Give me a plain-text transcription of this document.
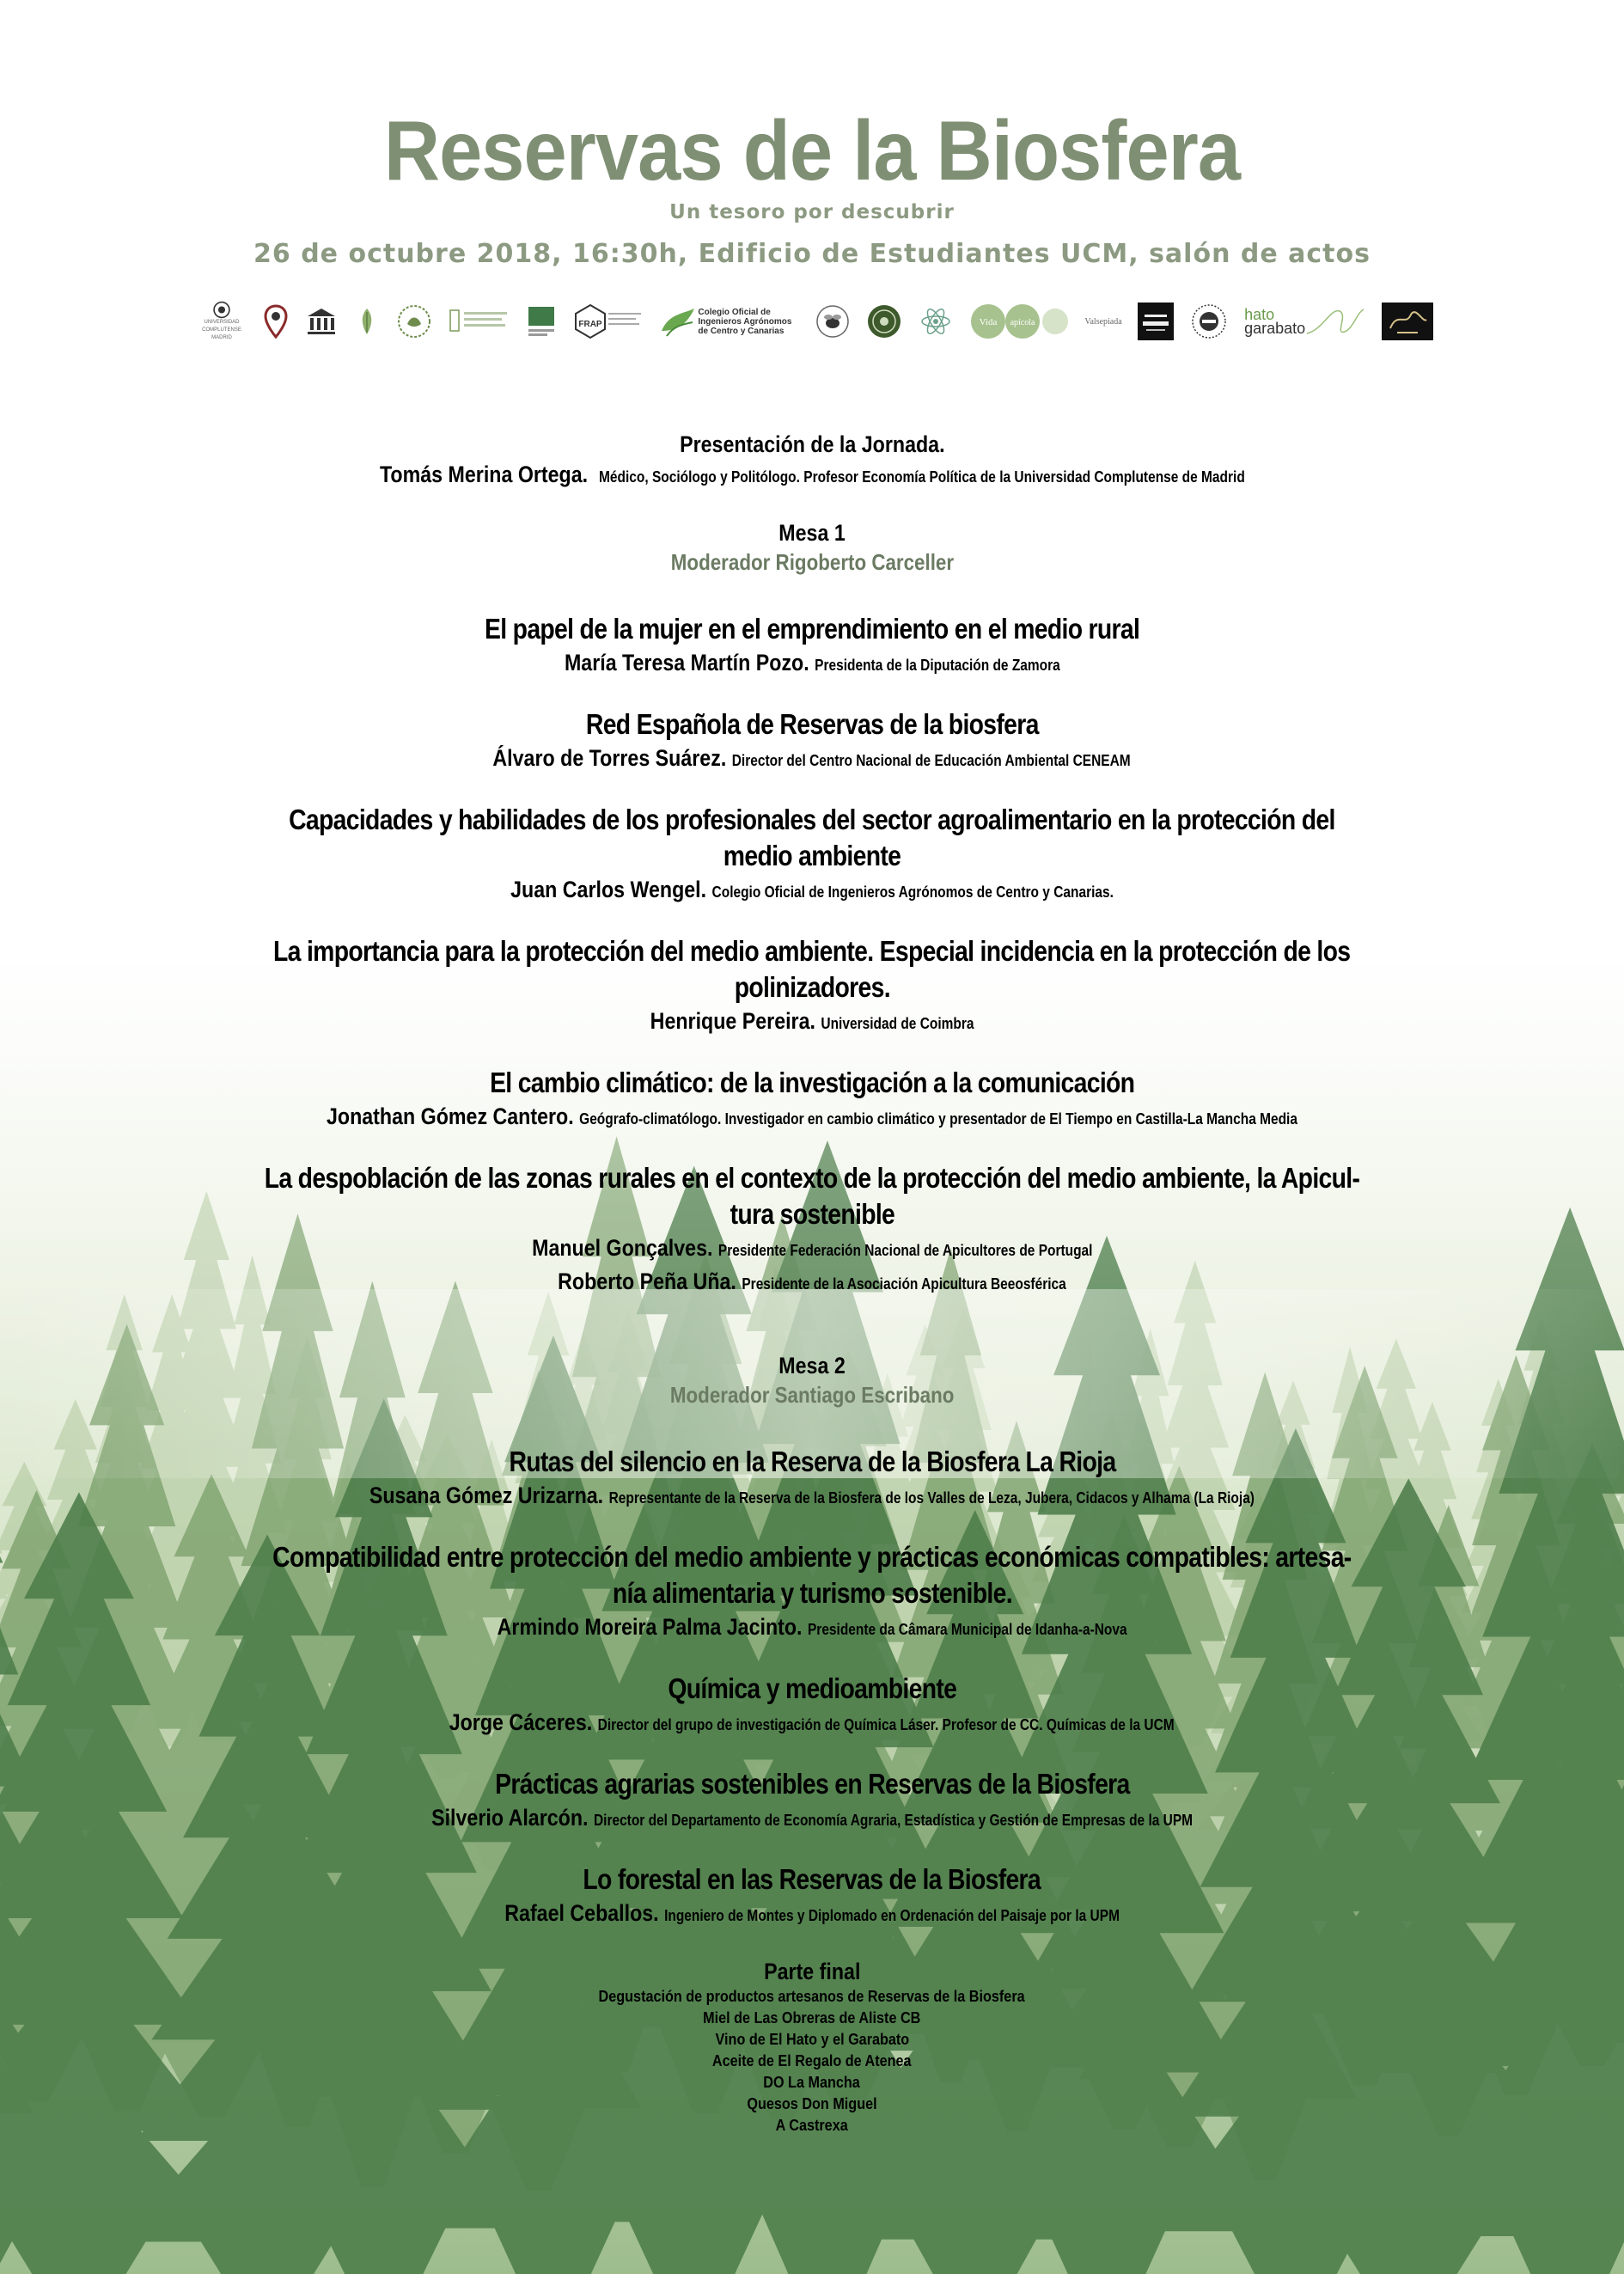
Reservas de la Biosfera
Un tesoro por descubrir
26 de octubre 2018, 16:30h, Edificio de Estudiantes UCM, salón de actos
UNIVERSIDAD COMPLUTENSE MADRID
FRAP
Colegio Oficial de Ingenieros Agrónomos de Centro y Canarias
Vida apícola	Valsepiada	hato
garabato
Presentación de la Jornada.
Tomás Merina Ortega. Médico, Sociólogo y Politólogo. Profesor Economía Política de la Universidad Complutense de Madrid
Mesa 1
Moderador Rigoberto Carceller
El papel de la mujer en el emprendimiento en el medio rural
María Teresa Martín Pozo. Presidenta de la Diputación de Zamora
Red Española de Reservas de la biosfera
Álvaro de Torres Suárez. Director del Centro Nacional de Educación Ambiental CENEAM
Capacidades y habilidades de los profesionales del sector agroalimentario en la protección del
medio ambiente
Juan Carlos Wengel. Colegio Oficial de Ingenieros Agrónomos de Centro y Canarias.
La importancia para la protección del medio ambiente. Especial incidencia en la protección de los
polinizadores.
Henrique Pereira. Universidad de Coimbra
El cambio climático: de la investigación a la comunicación
Jonathan Gómez Cantero. Geógrafo-climatólogo. Investigador en cambio climático y presentador de El Tiempo en Castilla-La Mancha Media
La despoblación de las zonas rurales en el contexto de la protección del medio ambiente, la Apicul-
tura sostenible
Manuel Gonçalves. Presidente Federación Nacional de Apicultores de Portugal
Roberto Peña Uña. Presidente de la Asociación Apicultura Beeosférica
Mesa 2
Moderador Santiago Escribano
Rutas del silencio en la Reserva de la Biosfera La Rioja
Susana Gómez Urizarna. Representante de la Reserva de la Biosfera de los Valles de Leza, Jubera, Cidacos y Alhama (La Rioja)
Compatibilidad entre protección del medio ambiente y prácticas económicas compatibles: artesa-
nía alimentaria y turismo sostenible.
Armindo Moreira Palma Jacinto. Presidente da Câmara Municipal de Idanha-a-Nova
Química y medioambiente
Jorge Cáceres. Director del grupo de investigación de Química Láser. Profesor de CC. Químicas de la UCM
Prácticas agrarias sostenibles en Reservas de la Biosfera
Silverio Alarcón. Director del Departamento de Economía Agraria, Estadística y Gestión de Empresas de la UPM
Lo forestal en las Reservas de la Biosfera
Rafael Ceballos. Ingeniero de Montes y Diplomado en Ordenación del Paisaje por la UPM
Parte final
Degustación de productos artesanos de Reservas de la Biosfera
Miel de Las Obreras de Aliste CB
Vino de El Hato y el Garabato
Aceite de El Regalo de Atenea
DO La Mancha
Quesos Don Miguel
A Castrexa
